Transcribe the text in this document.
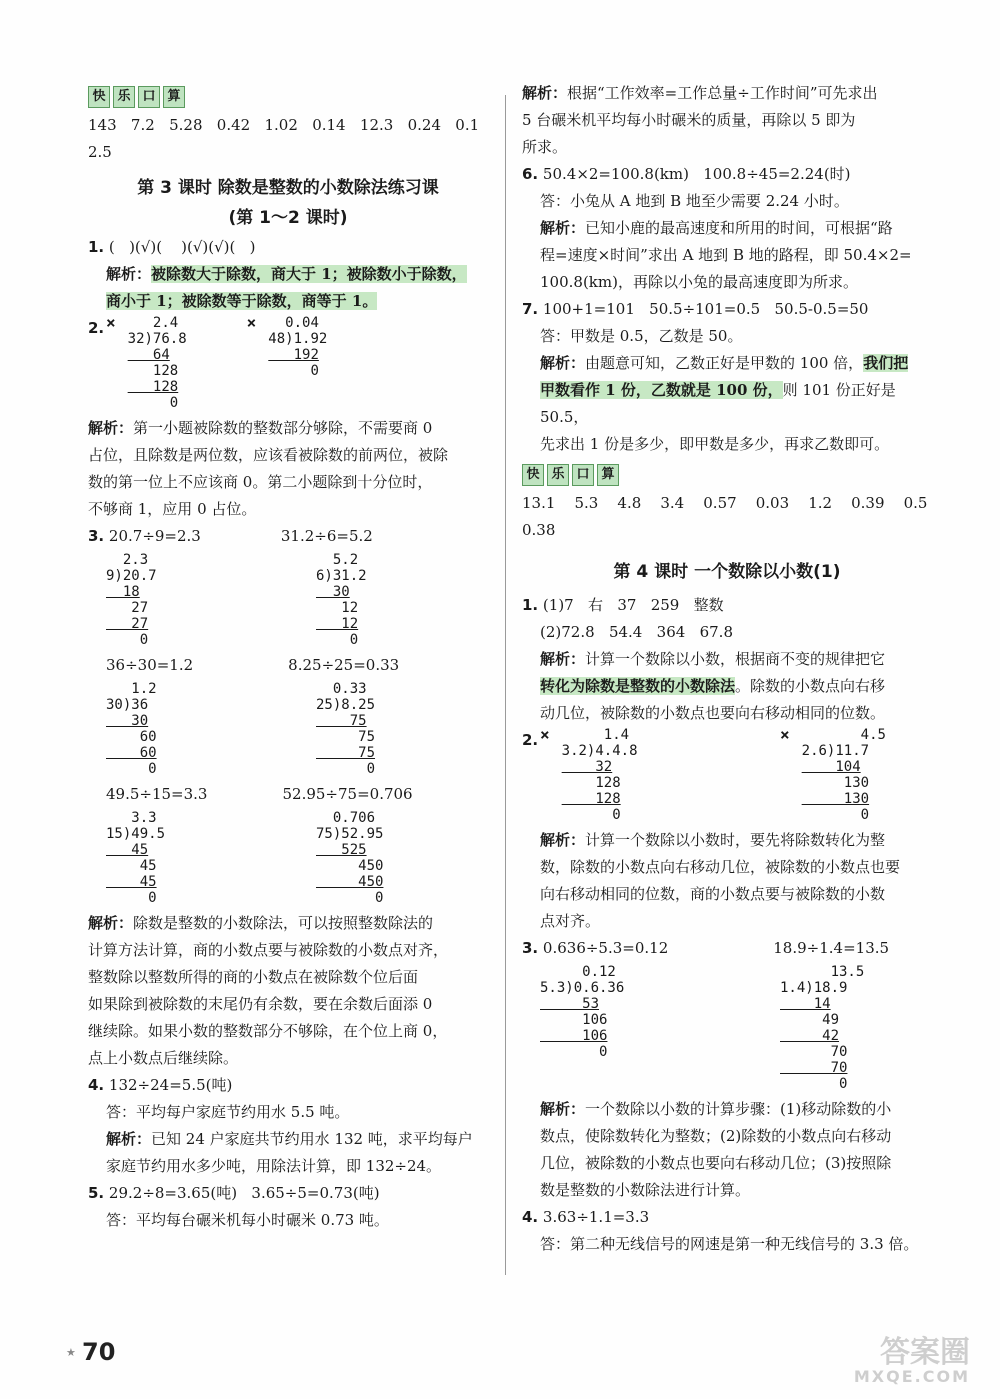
快 乐 口 算
143   7.2   5.28   0.42   1.02   0.14   12.3   0.24   0.1
2.5
第 3 课时 除数是整数的小数除法练习课
(第 1～2 课时)
1. (   )(√)(    )(√)(√)(   )
解析：被除数大于除数，商大于 1；被除数小于除数，
商小于 1；被除数等于除数，商等于 1。
2. × 2.4
32)76.8
64
128
128
0
× 0.04
48)1.92
192
0
解析：第一小题被除数的整数部分够除，不需要商 0
占位，且除数是两位数，应该看被除数的前两位，被除
数的第一位上不应该商 0。第二小题除到十分位时，
不够商 1，应用 0 占位。
3. 20.7÷9=2.3	31.2÷6=5.2
2.3
9)20.7
18
27
27
0
5.2
6)31.2
30
12
12
0
36÷30=1.2	8.25÷25=0.33
1.2
30)36
30
60
60
0
0.33
25)8.25
75
75
75
0
49.5÷15=3.3	52.95÷75=0.706
3.3
15)49.5
45
45
45
0
0.706
75)52.95
525
450
450
0
解析：除数是整数的小数除法，可以按照整数除法的
计算方法计算，商的小数点要与被除数的小数点对齐，
整数除以整数所得的商的小数点在被除数个位后面
如果除到被除数的末尾仍有余数，要在余数后面添 0
继续除。如果小数的整数部分不够除，在个位上商 0，
点上小数点后继续除。
4. 132÷24=5.5(吨)
答：平均每户家庭节约用水 5.5 吨。
解析：已知 24 户家庭共节约用水 132 吨，求平均每户
家庭节约用水多少吨，用除法计算，即 132÷24。
5. 29.2÷8=3.65(吨)   3.65÷5=0.73(吨)
答：平均每台碾米机每小时碾米 0.73 吨。
解析：根据“工作效率=工作总量÷工作时间”可先求出
5 台碾米机平均每小时碾米的质量，再除以 5 即为
所求。
6. 50.4×2=100.8(km)   100.8÷45=2.24(时)
答：小兔从 A 地到 B 地至少需要 2.24 小时。
解析：已知小鹿的最高速度和所用的时间，可根据“路
程=速度×时间”求出 A 地到 B 地的路程，即 50.4×2=
100.8(km)，再除以小兔的最高速度即为所求。
7. 100+1=101   50.5÷101=0.5   50.5-0.5=50
答：甲数是 0.5，乙数是 50。
解析：由题意可知，乙数正好是甲数的 100 倍，我们把
甲数看作 1 份，乙数就是 100 份，则 101 份正好是 50.5，
先求出 1 份是多少，即甲数是多少，再求乙数即可。
快 乐 口 算
13.1    5.3    4.8    3.4    0.57    0.03    1.2    0.39    0.5
0.38
第 4 课时 一个数除以小数(1)
1. (1)7   右   37   259   整数
(2)72.8   54.4   364   67.8
解析：计算一个数除以小数，根据商不变的规律把它
转化为除数是整数的小数除法。除数的小数点向右移
动几位，被除数的小数点也要向右移动相同的位数。
2. × 1.4
3.2)4.4.8
32
128
128
0
× 4.5
2.6)11.7
104
130
130
0
解析：计算一个数除以小数时，要先将除数转化为整
数，除数的小数点向右移动几位，被除数的小数点也要
向右移动相同的位数，商的小数点要与被除数的小数
点对齐。
3. 0.636÷5.3=0.12	18.9÷1.4=13.5
0.12
5.3)0.6.36
53
106
106
0
13.5
1.4)18.9
14
49
42
70
70
0
解析：一个数除以小数的计算步骤：(1)移动除数的小
数点，使除数转化为整数；(2)除数的小数点向右移动
几位，被除数的小数点也要向右移动几位；(3)按照除
数是整数的小数除法进行计算。
4. 3.63÷1.1=3.3
答：第二种无线信号的网速是第一种无线信号的 3.3 倍。
★ 70	答案圈
MXQE.COM
